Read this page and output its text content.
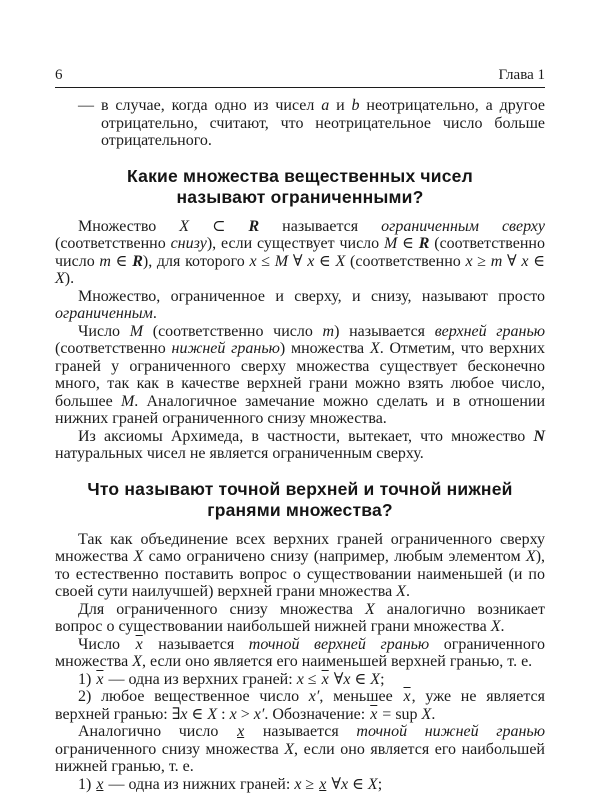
6	Глава 1

— в случае, когда одно из чисел a и b неотрицательно, а другое отрицательно, считают, что неотрицательное число больше отрицательного.

Какие множества вещественных чисел
называют ограниченными?

Множество X ⊂ R называется ограниченным сверху (соответственно снизу), если существует число M ∈ R (соответственно число m ∈ R), для которого x ≤ M ∀ x ∈ X (соответственно x ≥ m ∀ x ∈ X).

Множество, ограниченное и сверху, и снизу, называют просто ограниченным.

Число M (соответственно число m) называется верхней гранью (соответственно нижней гранью) множества X. Отметим, что верхних граней у ограниченного сверху множества существует бесконечно много, так как в качестве верхней грани можно взять любое число, большее M. Аналогичное замечание можно сделать и в отношении нижних граней ограниченного снизу множества.

Из аксиомы Архимеда, в частности, вытекает, что множество N натуральных чисел не является ограниченным сверху.

Что называют точной верхней и точной нижней
гранями множества?

Так как объединение всех верхних граней ограниченного сверху множества X само ограничено снизу (например, любым элементом X), то естественно поставить вопрос о существовании наименьшей (и по своей сути наилучшей) верхней грани множества X.

Для ограниченного снизу множества X аналогично возникает вопрос о существовании наибольшей нижней грани множества X.

Число $\overline{x}$ называется точной верхней гранью ограниченного множества X, если оно является его наименьшей верхней гранью, т. е.

1) $\overline{x}$ — одна из верхних граней: $x \le \overline{x}$ ∀x ∈ X;

2) любое вещественное число x′, меньшее $\overline{x}$, уже не является верхней гранью: ∃x ∈ X : x > x′. Обозначение: $\overline{x}$ = sup X.

Аналогично число x называется точной нижней гранью ограниченного снизу множества X, если оно является его наибольшей нижней гранью, т. е.

1) x — одна из нижних граней: x ≥ x ∀x ∈ X;
